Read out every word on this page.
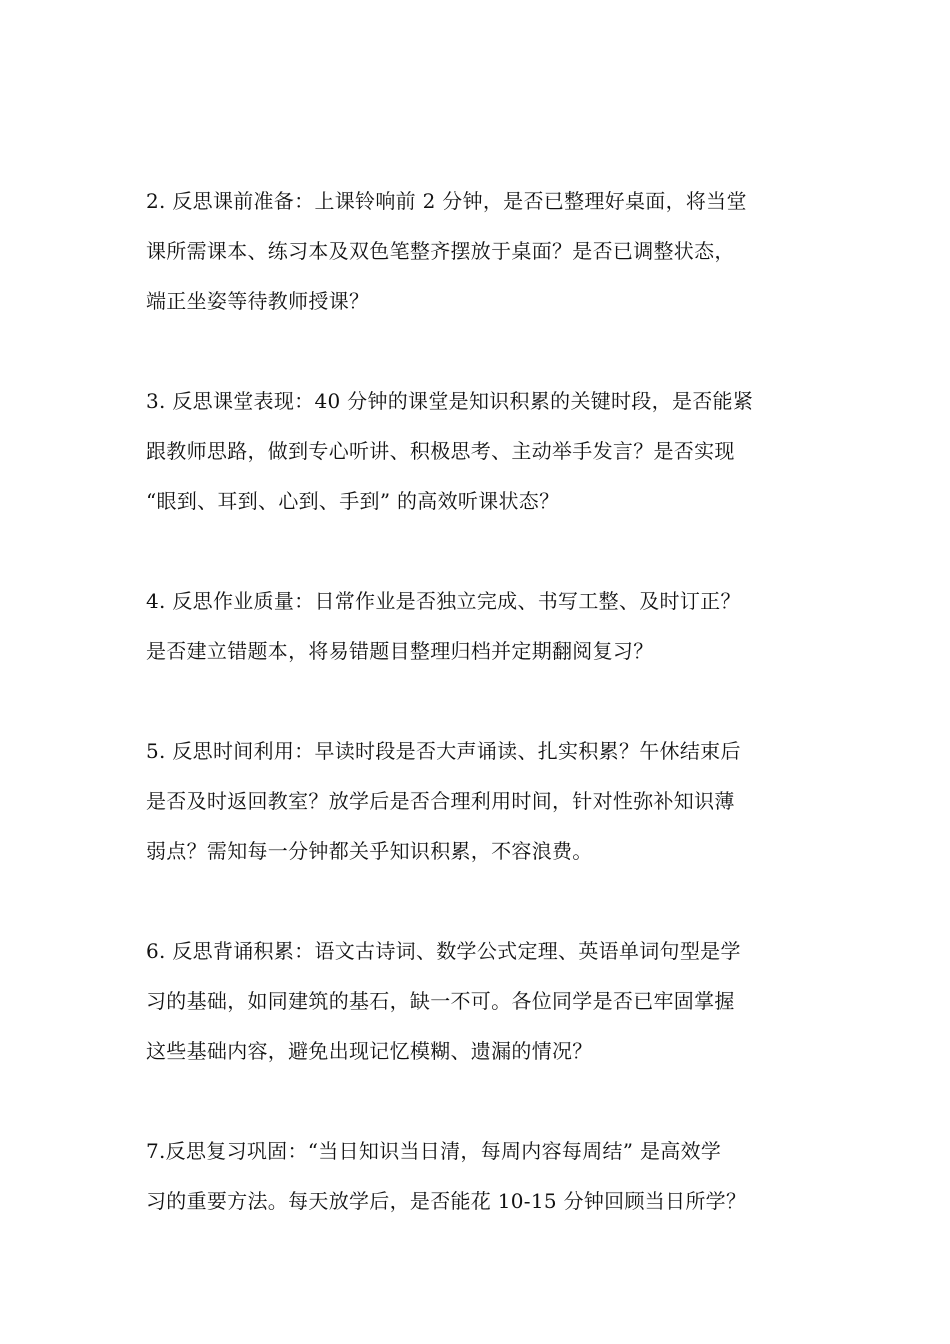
2. 反思课前准备：上课铃响前 2 分钟，是否已整理好桌面，将当堂
课所需课本、练习本及双色笔整齐摆放于桌面？是否已调整状态，
端正坐姿等待教师授课？

3. 反思课堂表现：40 分钟的课堂是知识积累的关键时段，是否能紧
跟教师思路，做到专心听讲、积极思考、主动举手发言？是否实现
“眼到、耳到、心到、手到” 的高效听课状态？

4. 反思作业质量：日常作业是否独立完成、书写工整、及时订正？
是否建立错题本，将易错题目整理归档并定期翻阅复习？

5. 反思时间利用：早读时段是否大声诵读、扎实积累？午休结束后
是否及时返回教室？放学后是否合理利用时间，针对性弥补知识薄
弱点？需知每一分钟都关乎知识积累，不容浪费。

6. 反思背诵积累：语文古诗词、数学公式定理、英语单词句型是学
习的基础，如同建筑的基石，缺一不可。各位同学是否已牢固掌握
这些基础内容，避免出现记忆模糊、遗漏的情况？

7.反思复习巩固：“当日知识当日清，每周内容每周结” 是高效学
习的重要方法。每天放学后，是否能花 10-15 分钟回顾当日所学？
